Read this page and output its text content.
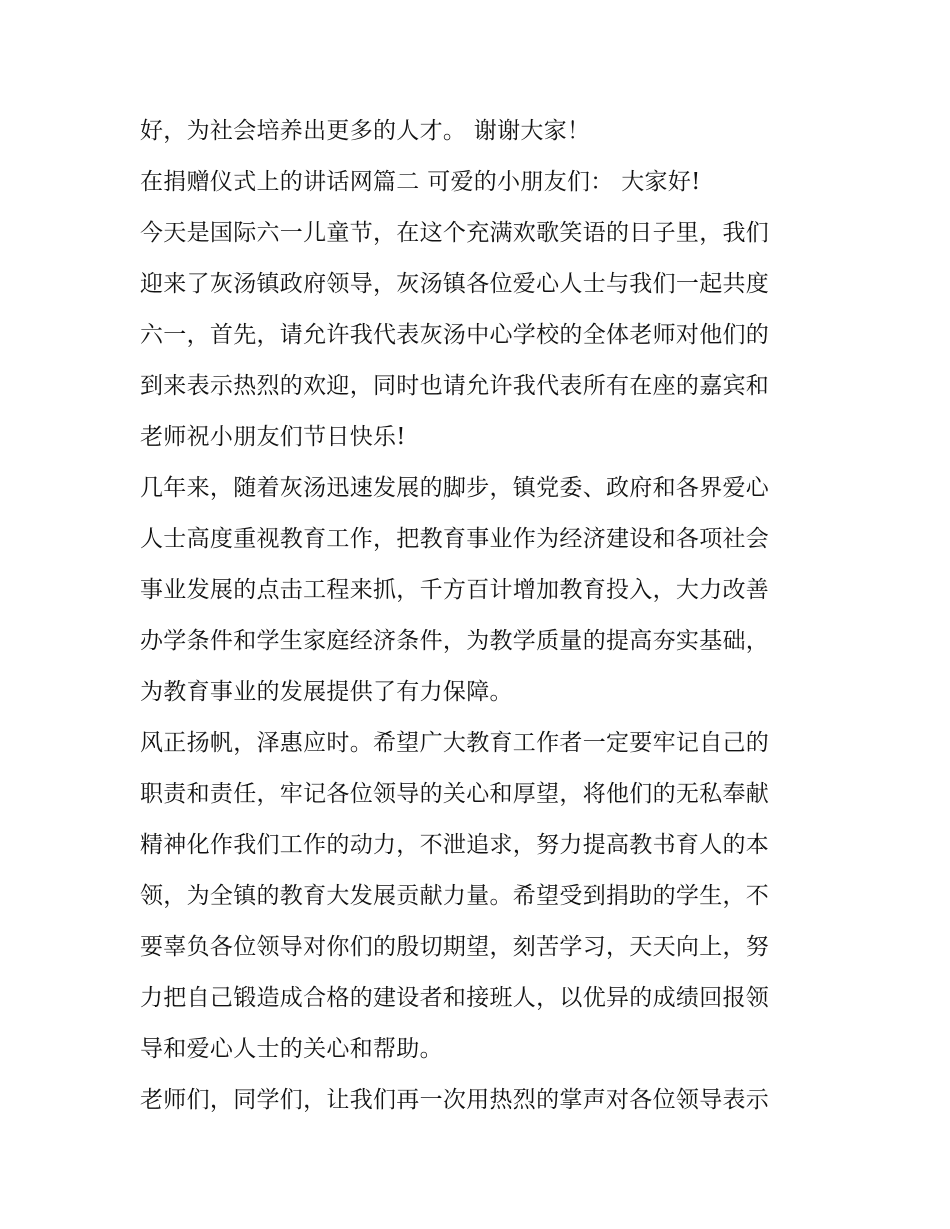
好，为社会培养出更多的人才。 谢谢大家！
在捐赠仪式上的讲话网篇二 可爱的小朋友们： 大家好!
今天是国际六一儿童节，在这个充满欢歌笑语的日子里，我们
迎来了灰汤镇政府领导，灰汤镇各位爱心人士与我们一起共度
六一，首先，请允许我代表灰汤中心学校的全体老师对他们的
到来表示热烈的欢迎，同时也请允许我代表所有在座的嘉宾和
老师祝小朋友们节日快乐!
几年来，随着灰汤迅速发展的脚步，镇党委、政府和各界爱心
人士高度重视教育工作，把教育事业作为经济建设和各项社会
事业发展的点击工程来抓，千方百计增加教育投入，大力改善
办学条件和学生家庭经济条件，为教学质量的提高夯实基础，
为教育事业的发展提供了有力保障。
风正扬帆，泽惠应时。希望广大教育工作者一定要牢记自己的
职责和责任，牢记各位领导的关心和厚望，将他们的无私奉献
精神化作我们工作的动力，不泄追求，努力提高教书育人的本
领，为全镇的教育大发展贡献力量。希望受到捐助的学生，不
要辜负各位领导对你们的殷切期望，刻苦学习，天天向上，努
力把自己锻造成合格的建设者和接班人，以优异的成绩回报领
导和爱心人士的关心和帮助。
老师们，同学们，让我们再一次用热烈的掌声对各位领导表示
